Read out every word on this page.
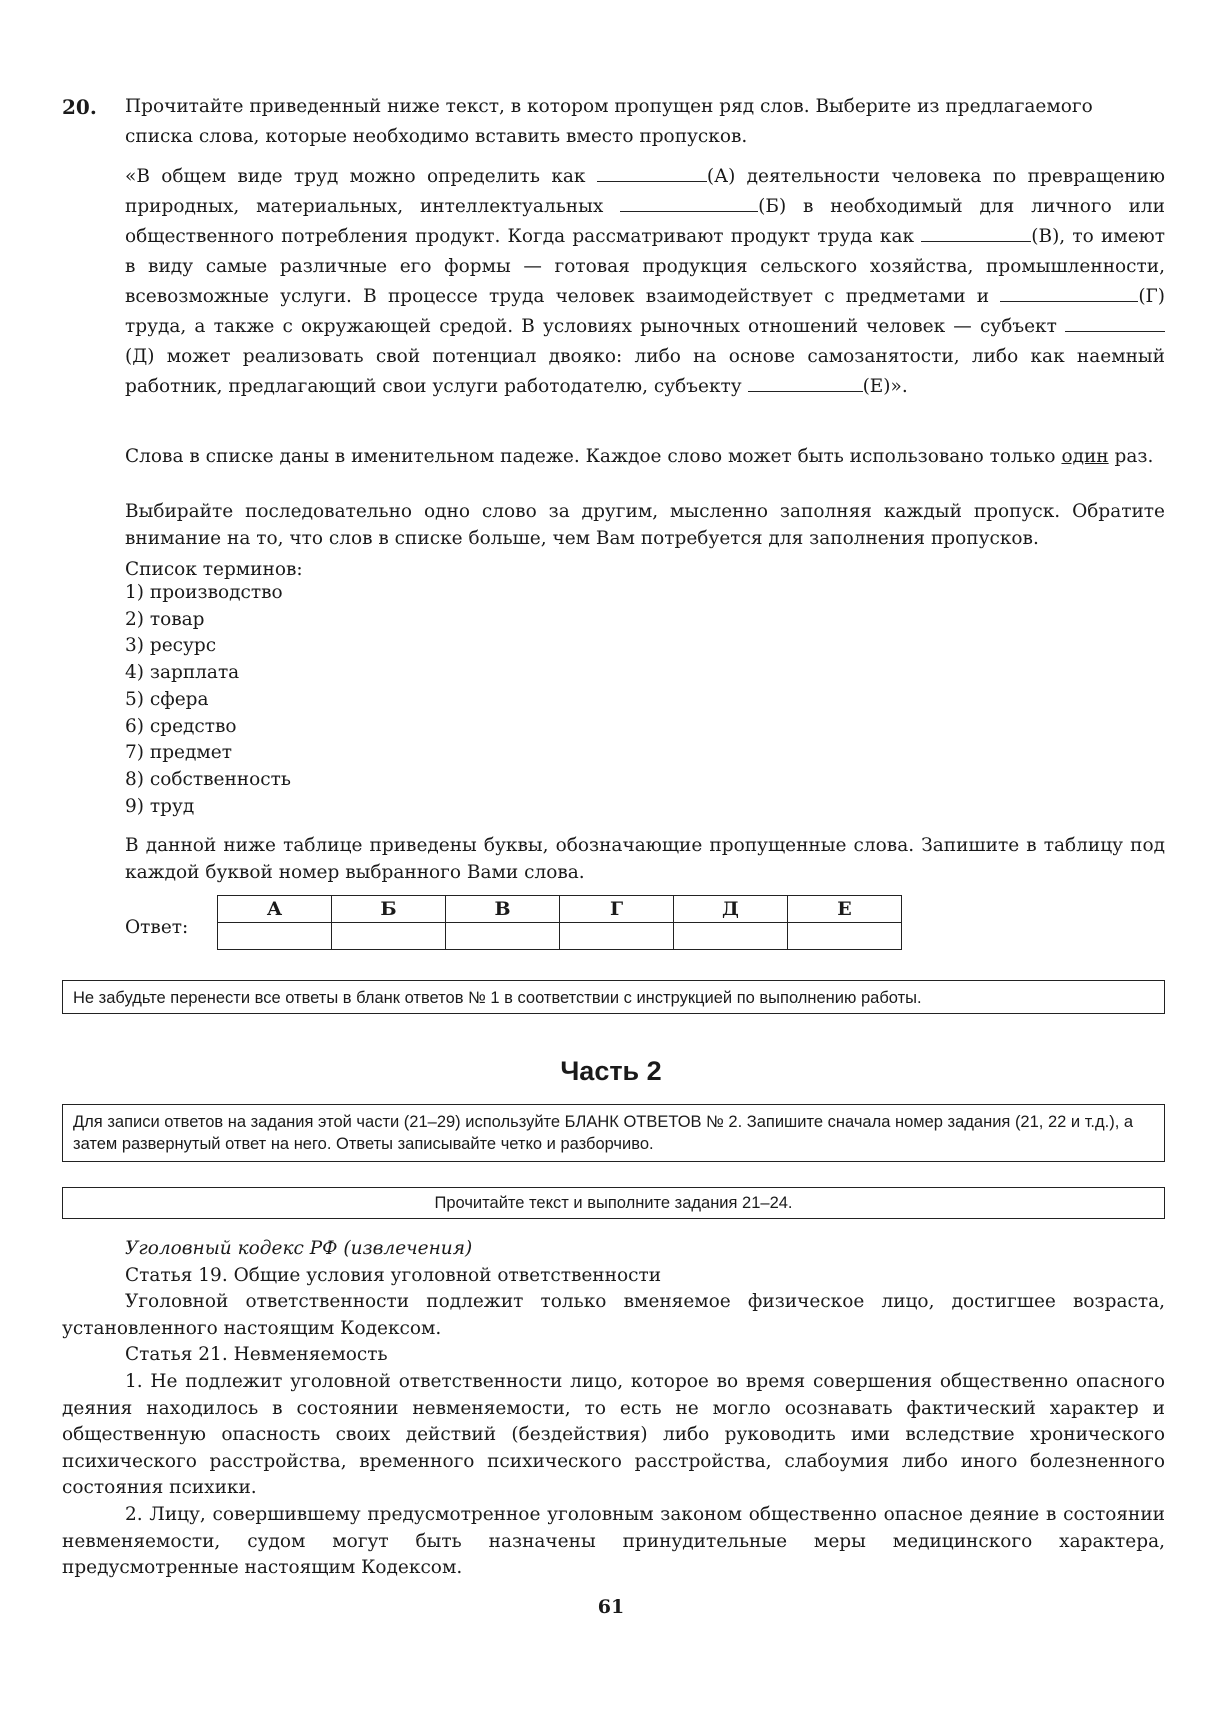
20. Прочитайте приведенный ниже текст, в котором пропущен ряд слов. Выберите из предлагаемого списка слова, которые необходимо вставить вместо пропусков.
«В общем виде труд можно определить как	(А) деятельности человека по превращению природных, материальных, интеллектуальных	(Б) в необходимый для личного или общественного потребления продукт. Когда рассматривают продукт труда как	(В), то имеют в виду самые различные его формы — готовая продукция сельского хозяйства, промышленности, всевозможные услуги. В процессе труда человек взаимодействует с предметами и	(Г) труда, а также с окружающей средой. В условиях рыночных отношений человек — субъект (Д) может реализовать свой потенциал двояко: либо на основе самозанятости, либо как наемный работник, предлагающий свои услуги работодателю, субъекту	(Е)».
Слова в списке даны в именительном падеже. Каждое слово может быть использовано только один раз.
Выбирайте последовательно одно слово за другим, мысленно заполняя каждый пропуск. Обратите внимание на то, что слов в списке больше, чем Вам потребуется для заполнения пропусков.
Список терминов:
1) производство
2) товар
3) ресурс
4) зарплата
5) сфера
6) средство
7) предмет
8) собственность
9) труд
В данной ниже таблице приведены буквы, обозначающие пропущенные слова. Запишите в таблицу под каждой буквой номер выбранного Вами слова.
Ответ:
А	Б	В	Г	Д	Е

Не забудьте перенести все ответы в бланк ответов № 1 в соответствии с инструкцией по выполнению работы.
Часть 2
Для записи ответов на задания этой части (21–29) используйте БЛАНК ОТВЕТОВ № 2. Запишите сначала номер задания (21, 22 и т.д.), а затем развернутый ответ на него. Ответы записывайте четко и разборчиво.
Прочитайте текст и выполните задания 21–24.
Уголовный кодекс РФ (извлечения)
Статья 19. Общие условия уголовной ответственности
Уголовной ответственности подлежит только вменяемое физическое лицо, достигшее возраста, установленного настоящим Кодексом.
Статья 21. Невменяемость
1. Не подлежит уголовной ответственности лицо, которое во время совершения общественно опасного деяния находилось в состоянии невменяемости, то есть не могло осознавать фактический характер и общественную опасность своих действий (бездействия) либо руководить ими вследствие хронического психического расстройства, временного психического расстройства, слабоумия либо иного болезненного состояния психики.
2. Лицу, совершившему предусмотренное уголовным законом общественно опасное деяние в состоянии невменяемости, судом могут быть назначены принудительные меры медицинского характера, предусмотренные настоящим Кодексом.
61
